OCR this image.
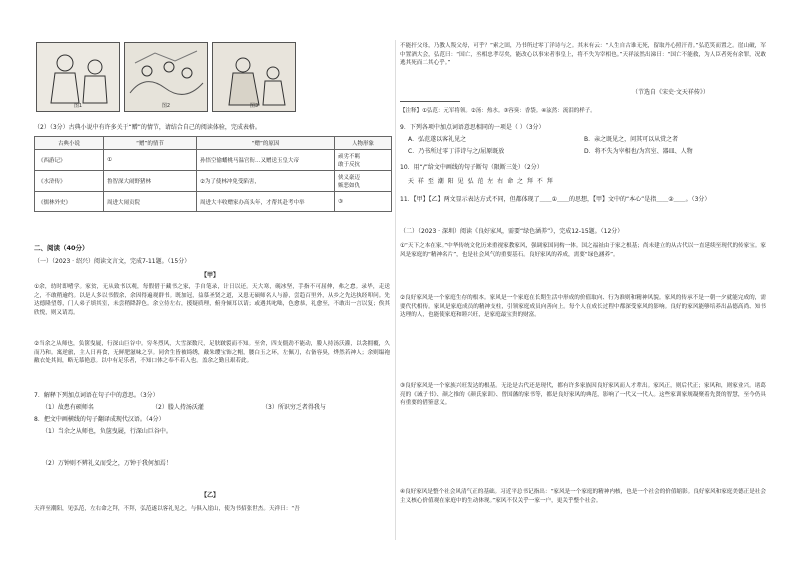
图1	图2	图3
（2）（3分）古典小说中有许多关于“赠”的情节，请结合自己的阅读体验，完成表格。
古典小说	“赠”的情节	“赠”的原因	人物形象
《西游记》	①	孙悟空偷蟠桃马温官衔…又赠送玉皇大帝	顽劣不羁
敢于反抗
《水浒传》	鲁智深大闹野猪林	②为了使林冲免受陷害，	侠义豪迈
嫉恶如仇
《儒林外史》	周进大闹贡院	周进大丰收赠家办高头年，才帮其赴考中举	③
二、阅读（40分）
（一）（2023 · 绍兴）阅读文言文，完成7-11题。（15分）
【甲】
①余，幼时即嗜学。家贫，无从致书以观，每假借于藏书之家，手自笔录，计日以还。天大寒，砚冰坚，手指不可屈伸，弗之怠。录毕，走送之，不敢稍逾约。以是人多以书假余，余因得遍观群书。既加冠，益慕圣贤之道，又患无硕师名人与游，尝趋百里外，从乡之先达执经叩问。先达德隆望尊，门人弟子填其室，未尝稍降辞色。余立侍左右，援疑质理，俯身倾耳以请；或遇其叱咄，色愈恭，礼愈至，不敢出一言以复；俟其欣悦，则又请焉。
②当余之从师也，负箧曳屣，行深山巨谷中。穷冬烈风，大雪深数尺，足肤皲裂而不知。至舍，四支僵劲不能动，媵人持汤沃灌，以衾拥覆，久而乃和。寓逆旅，主人日再食，无鲜肥滋味之享。同舍生皆被绮绣，戴朱缨宝饰之帽，腰白玉之环，左佩刀，右备容臭，烨然若神人；余则缊袍敝衣处其间，略无慕艳意。以中有足乐者，不知口体之奉不若人也。盖余之勤且艰若此。
7．解释下列加点词语在句子中的意思。（3分）
（1）故患有硕师名	（2）媵人持汤沃灌	（3）所识穷乏者得我与
8．把文中画横线的句子翻译成现代汉语。（4分）
（1）当余之从师也，负箧曳屣，行深山巨谷中。
（2）万钟则不辨礼义而受之，万钟于我何加焉！
【乙】
天祥至潮阳，见弘范，左右命之拜，不拜，弘范遂以客礼见之，与俱入崖山，使为书招张世杰。天祥曰：“吾
不能扞父母，乃教人叛父母，可乎？”索之固，乃书所过零丁洋诗与之。其末有云：“人生自古谁无死，留取丹心照汗青。”弘范笑而置之。崖山破，军中置酒大会，弘范曰：“国亡，丞相忠孝尽矣，能改心以事宋者事皇上，将不失为宰相也。”天祥泫然出涕曰：“国亡不能救，为人臣者死有余罪，况敢逃其死而二其心乎。”
（节选自《宋史·文天祥传》）
【注释】①弘范：元军将领。②汤：热水。③容臭：香袋。④泫然：流泪的样子。
9．下列各项中加点词语意思相同的一项是（ ）（3分）
A．弘范遂以客礼见之	B．亲之既见之，问其可以从赏之者
C．乃书所过零丁洋诗与之/屈原既放	D．将不失为宰相也/为宫室、器皿、人物
10．用“/”给文中画线的句子断句（限断三处）（2分）
天 祥 至 潮 阳 见 弘 范 左 右 命 之 拜 不 拜
11．【甲】【乙】两文显示表达方式不同，但都体现了＿＿①＿＿的思想，【甲】文中的“本心”是指＿＿②＿＿。（3分）
（二）（2023 · 深圳）阅读《良好家风，需要“绿色涵养”》，完成12-15题。（12分）
①“天下之本在家。”中华传统文化历来重视家教家风，强调家国同构一体。国之福祉由于家之根基；尚未建立的从古代以一直延续至现代的传家宝。家风是家庭的“精神名片”，也是社会风气的重要基石。良好家风的养成，需要“绿色涵养”。
②良好家风是一个家庭生存的根本。家风是一个家庭在长期生活中形成的价值取向、行为准则和精神风貌。家风的传承不是一朝一夕就能完成的，需要代代相传。家风是家庭成员的精神支柱，引领家庭成员向善向上。每个人在成长过程中都深受家风的影响。良好的家风能够培养出品德高尚、知书达理的人，也能使家庭和睦兴旺，是家庭最宝贵的财富。
③良好家风是一个家族兴旺发达的根基。无论是古代还是现代，都有许多家族因良好家风而人才辈出。家风正，则后代正；家风和，则家业兴。诸葛亮的《诫子书》、颜之推的《颜氏家训》、曾国藩的家书等，都是良好家风的典范，影响了一代又一代人。这些家训家规凝聚着先贤的智慧，至今仍具有重要的借鉴意义。
④良好家风是整个社会风清气正的基础。习近平总书记指出：“家风是一个家庭的精神内核，也是一个社会的价值缩影。良好家风和家庭美德正是社会主义核心价值观在家庭中的生动体现。”家风不仅关乎一家一户，更关乎整个社会。
